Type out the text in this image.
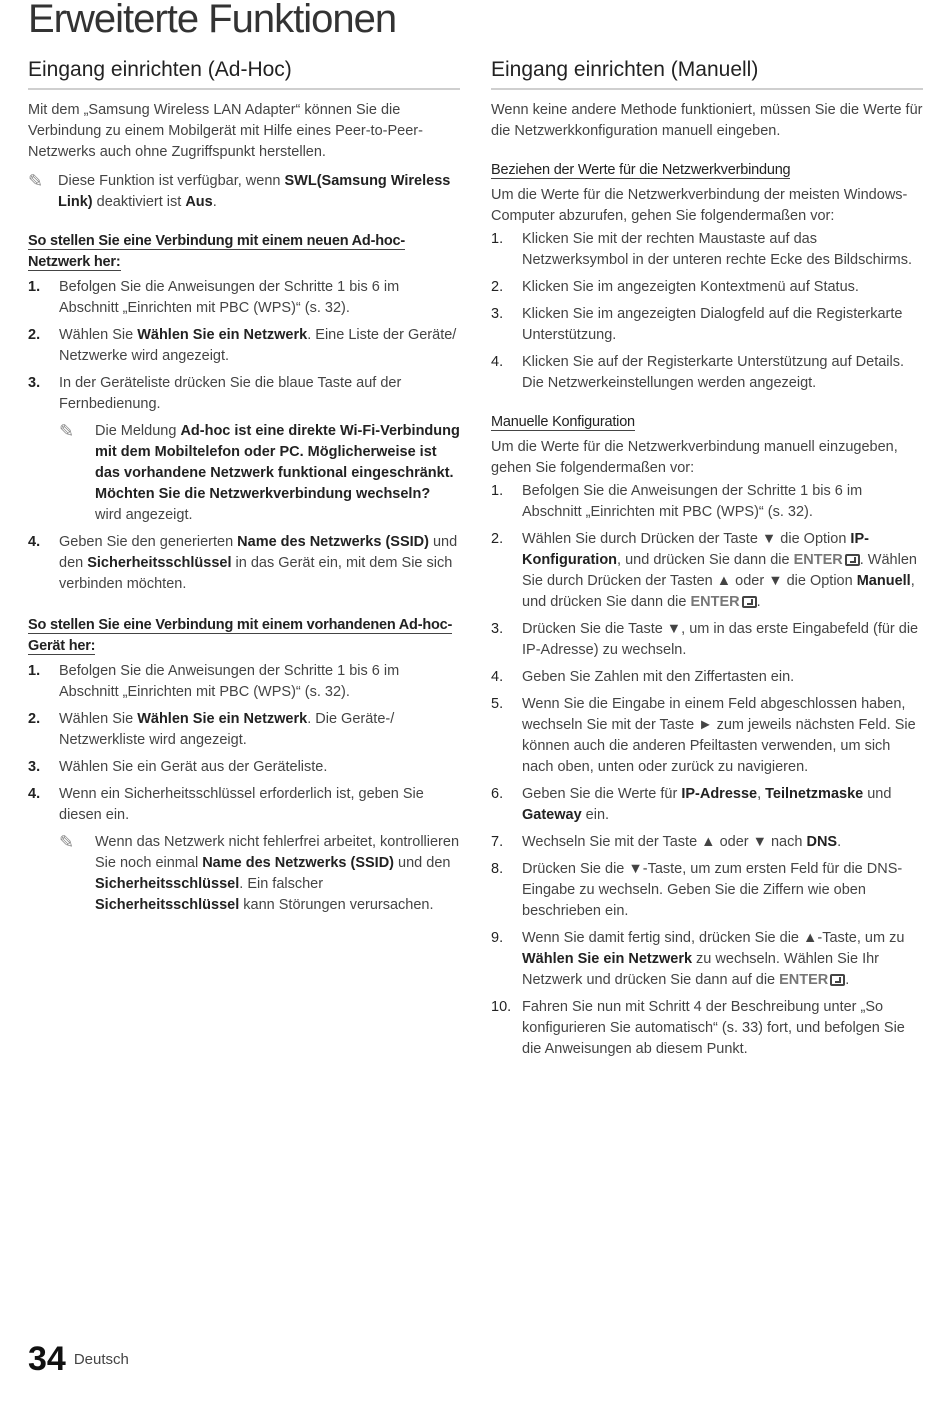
Erweiterte Funktionen
Eingang einrichten (Ad-Hoc)

Mit dem „Samsung Wireless LAN Adapter“ können Sie die Verbindung zu einem Mobilgerät mit Hilfe eines Peer-to-Peer-Netzwerks auch ohne Zugriffspunkt herstellen.

✎ Diese Funktion ist verfügbar, wenn SWL(Samsung Wireless Link) deaktiviert ist Aus.

So stellen Sie eine Verbindung mit einem neuen Ad-hoc-Netzwerk her:
1. Befolgen Sie die Anweisungen der Schritte 1 bis 6 im Abschnitt „Einrichten mit PBC (WPS)“ (s. 32).
2. Wählen Sie Wählen Sie ein Netzwerk. Eine Liste der Geräte/ Netzwerke wird angezeigt.
3. In der Geräteliste drücken Sie die blaue Taste auf der Fernbedienung.
✎ Die Meldung Ad-hoc ist eine direkte Wi-Fi-Verbindung mit dem Mobiltelefon oder PC. Möglicherweise ist das vorhandene Netzwerk funktional eingeschränkt. Möchten Sie die Netzwerkverbindung wechseln? wird angezeigt.
4. Geben Sie den generierten Name des Netzwerks (SSID) und den Sicherheitsschlüssel in das Gerät ein, mit dem Sie sich verbinden möchten.
So stellen Sie eine Verbindung mit einem vorhandenen Ad-hoc-Gerät her:
1. Befolgen Sie die Anweisungen der Schritte 1 bis 6 im Abschnitt „Einrichten mit PBC (WPS)“ (s. 32).
2. Wählen Sie Wählen Sie ein Netzwerk. Die Geräte-/ Netzwerkliste wird angezeigt.
3. Wählen Sie ein Gerät aus der Geräteliste.
4. Wenn ein Sicherheitsschlüssel erforderlich ist, geben Sie diesen ein.
✎ Wenn das Netzwerk nicht fehlerfrei arbeitet, kontrollieren Sie noch einmal Name des Netzwerks (SSID) und den Sicherheitsschlüssel. Ein falscher Sicherheitsschlüssel kann Störungen verursachen.
Eingang einrichten (Manuell)

Wenn keine andere Methode funktioniert, müssen Sie die Werte für die Netzwerkkonfiguration manuell eingeben.

Beziehen der Werte für die Netzwerkverbindung

Um die Werte für die Netzwerkverbindung der meisten Windows-Computer abzurufen, gehen Sie folgendermaßen vor:

1. Klicken Sie mit der rechten Maustaste auf das Netzwerksymbol in der unteren rechte Ecke des Bildschirms.
2. Klicken Sie im angezeigten Kontextmenü auf Status.
3. Klicken Sie im angezeigten Dialogfeld auf die Registerkarte Unterstützung.
4. Klicken Sie auf der Registerkarte Unterstützung auf Details. Die Netzwerkeinstellungen werden angezeigt.
Manuelle Konfiguration

Um die Werte für die Netzwerkverbindung manuell einzugeben, gehen Sie folgendermaßen vor:

1. Befolgen Sie die Anweisungen der Schritte 1 bis 6 im Abschnitt „Einrichten mit PBC (WPS)“ (s. 32).
2. Wählen Sie durch Drücken der Taste ▼ die Option IP-Konfiguration, und drücken Sie dann die ENTER . Wählen Sie durch Drücken der Tasten ▲ oder ▼ die Option Manuell, und drücken Sie dann die ENTER .
3. Drücken Sie die Taste ▼, um in das erste Eingabefeld (für die IP-Adresse) zu wechseln.
4. Geben Sie Zahlen mit den Ziffertasten ein.
5. Wenn Sie die Eingabe in einem Feld abgeschlossen haben, wechseln Sie mit der Taste ► zum jeweils nächsten Feld. Sie können auch die anderen Pfeiltasten verwenden, um sich nach oben, unten oder zurück zu navigieren.
6. Geben Sie die Werte für IP-Adresse, Teilnetzmaske und Gateway ein.
7. Wechseln Sie mit der Taste ▲ oder ▼ nach DNS.
8. Drücken Sie die ▼-Taste, um zum ersten Feld für die DNS-Eingabe zu wechseln. Geben Sie die Ziffern wie oben beschrieben ein.
9. Wenn Sie damit fertig sind, drücken Sie die ▲-Taste, um zu Wählen Sie ein Netzwerk zu wechseln. Wählen Sie Ihr Netzwerk und drücken Sie dann auf die ENTER .
10. Fahren Sie nun mit Schritt 4 der Beschreibung unter „So konfigurieren Sie automatisch“ (s. 33) fort, und befolgen Sie die Anweisungen ab diesem Punkt.
34 Deutsch
